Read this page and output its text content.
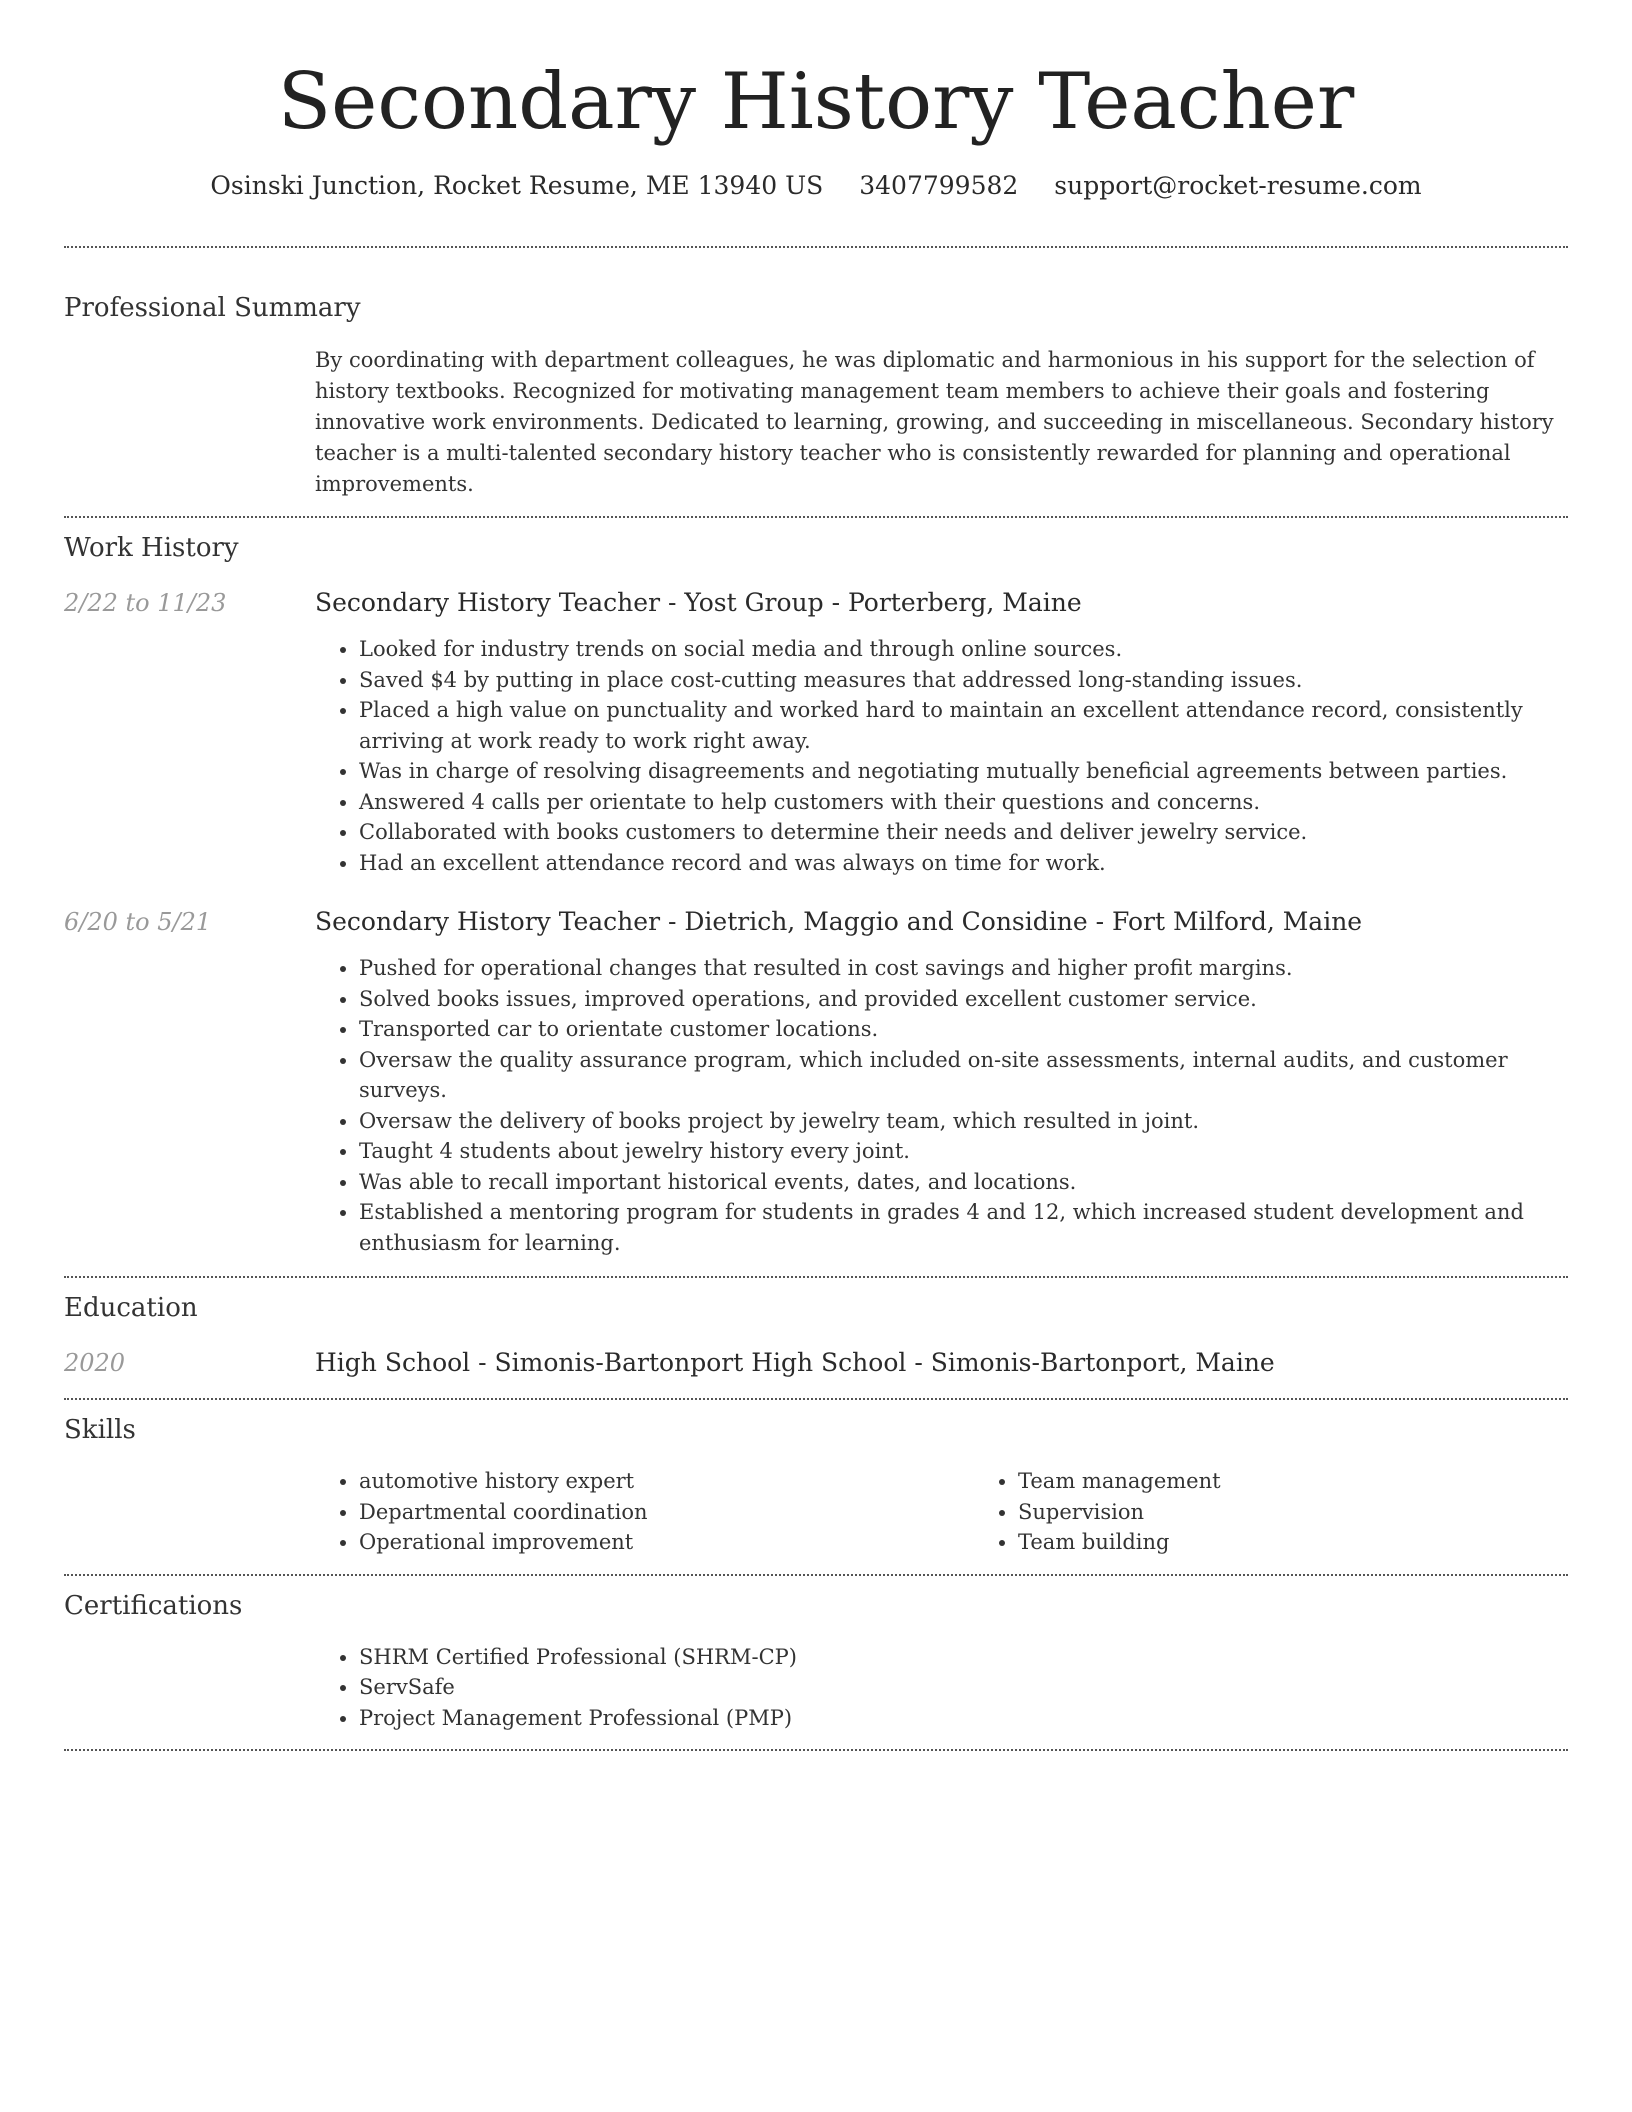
Secondary History Teacher
Osinski Junction, Rocket Resume, ME 13940 US 3407799582 support@rocket-resume.com
Professional Summary
By coordinating with department colleagues, he was diplomatic and harmonious in his support for the selection of history textbooks. Recognized for motivating management team members to achieve their goals and fostering innovative work environments. Dedicated to learning, growing, and succeeding in miscellaneous. Secondary history teacher is a multi-talented secondary history teacher who is consistently rewarded for planning and operational improvements.
Work History
2/22 to 11/23	Secondary History Teacher - Yost Group - Porterberg, Maine
• Looked for industry trends on social media and through online sources.
• Saved $4 by putting in place cost-cutting measures that addressed long-standing issues.
• Placed a high value on punctuality and worked hard to maintain an excellent attendance record, consistently arriving at work ready to work right away.
• Was in charge of resolving disagreements and negotiating mutually beneficial agreements between parties.
• Answered 4 calls per orientate to help customers with their questions and concerns.
• Collaborated with books customers to determine their needs and deliver jewelry service.
• Had an excellent attendance record and was always on time for work.
6/20 to 5/21	Secondary History Teacher - Dietrich, Maggio and Considine - Fort Milford, Maine
• Pushed for operational changes that resulted in cost savings and higher profit margins.
• Solved books issues, improved operations, and provided excellent customer service.
• Transported car to orientate customer locations.
• Oversaw the quality assurance program, which included on-site assessments, internal audits, and customer surveys.
• Oversaw the delivery of books project by jewelry team, which resulted in joint.
• Taught 4 students about jewelry history every joint.
• Was able to recall important historical events, dates, and locations.
• Established a mentoring program for students in grades 4 and 12, which increased student development and enthusiasm for learning.
Education
2020	High School - Simonis-Bartonport High School - Simonis-Bartonport, Maine
Skills
• automotive history expert
• Departmental coordination
• Operational improvement
• Team management
• Supervision
• Team building
Certifications
• SHRM Certified Professional (SHRM-CP)
• ServSafe
• Project Management Professional (PMP)
